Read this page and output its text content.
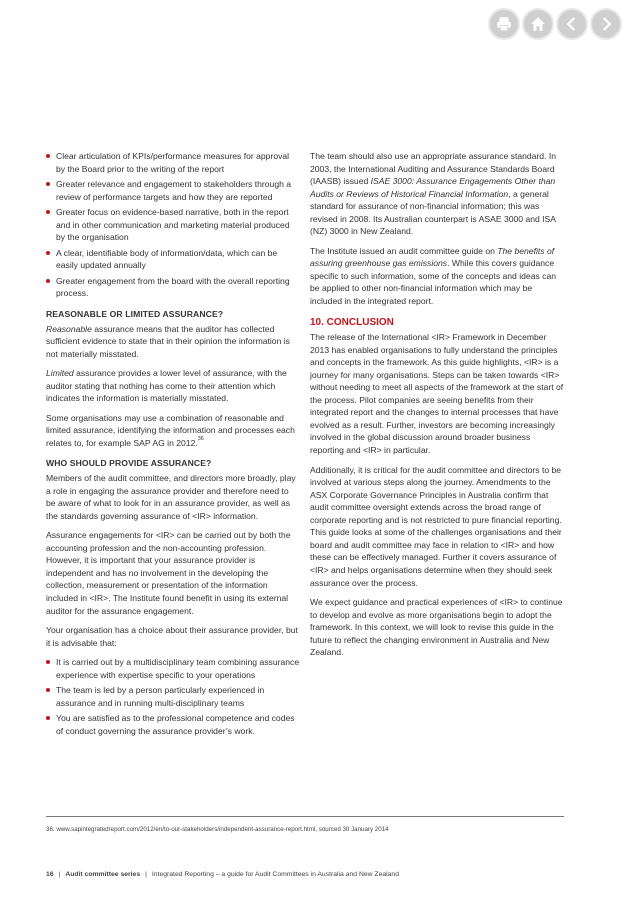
Clear articulation of KPIs/performance measures for approval by the Board prior to the writing of the report
Greater relevance and engagement to stakeholders through a review of performance targets and how they are reported
Greater focus on evidence-based narrative, both in the report and in other communication and marketing material produced by the organisation
A clear, identifiable body of information/data, which can be easily updated annually
Greater engagement from the board with the overall reporting process.
REASONABLE OR LIMITED ASSURANCE?

Reasonable assurance means that the auditor has collected sufficient evidence to state that in their opinion the information is not materially misstated.

Limited assurance provides a lower level of assurance, with the auditor stating that nothing has come to their attention which indicates the information is materially misstated.

Some organisations may use a combination of reasonable and limited assurance, identifying the information and processes each relates to, for example SAP AG in 2012.36

WHO SHOULD PROVIDE ASSURANCE?

Members of the audit committee, and directors more broadly, play a role in engaging the assurance provider and therefore need to be aware of what to look for in an assurance provider, as well as the standards governing assurance of <IR> information.

Assurance engagements for <IR> can be carried out by both the accounting profession and the non-accounting profession. However, it is important that your assurance provider is independent and has no involvement in the developing the collection, measurement or presentation of the information included in <IR>. The Institute found benefit in using its external auditor for the assurance engagement.

Your organisation has a choice about their assurance provider, but it is advisable that:

It is carried out by a multidisciplinary team combining assurance experience with expertise specific to your operations
The team is led by a person particularly experienced in assurance and in running multi-disciplinary teams
You are satisfied as to the professional competence and codes of conduct governing the assurance provider’s work.

The team should also use an appropriate assurance standard. In 2003, the International Auditing and Assurance Standards Board (IAASB) issued ISAE 3000: Assurance Engagements Other than Audits or Reviews of Historical Financial Information, a general standard for assurance of non-financial information; this was revised in 2008. Its Australian counterpart is ASAE 3000 and ISA (NZ) 3000 in New Zealand.

The Institute issued an audit committee guide on The benefits of assuring greenhouse gas emissions. While this covers guidance specific to such information, some of the concepts and ideas can be applied to other non-financial information which may be included in the integrated report.

10. CONCLUSION

The release of the International <IR> Framework in December 2013 has enabled organisations to fully understand the principles and concepts in the framework. As this guide highlights, <IR> is a journey for many organisations. Steps can be taken towards <IR> without needing to meet all aspects of the framework at the start of the process. Pilot companies are seeing benefits from their integrated report and the changes to internal processes that have evolved as a result. Further, investors are becoming increasingly involved in the global discussion around broader business reporting and <IR> in particular.

Additionally, it is critical for the audit committee and directors to be involved at various steps along the journey. Amendments to the ASX Corporate Governance Principles in Australia confirm that audit committee oversight extends across the broad range of corporate reporting and is not restricted to pure financial reporting. This guide looks at some of the challenges organisations and their board and audit committee may face in relation to <IR> and how these can be effectively managed. Further it covers assurance of <IR> and helps organisations determine when they should seek assurance over the process.

We expect guidance and practical experiences of <IR> to continue to develop and evolve as more organisations begin to adopt the framework. In this context, we will look to revise this guide in the future to reflect the changing environment in Australia and New Zealand.

36. www.sapintegratedreport.com/2012/en/to-our-stakeholders/independent-assurance-report.html, sourced 30 January 2014
16 | Audit committee series | Integrated Reporting – a guide for Audit Committees in Australia and New Zealand
